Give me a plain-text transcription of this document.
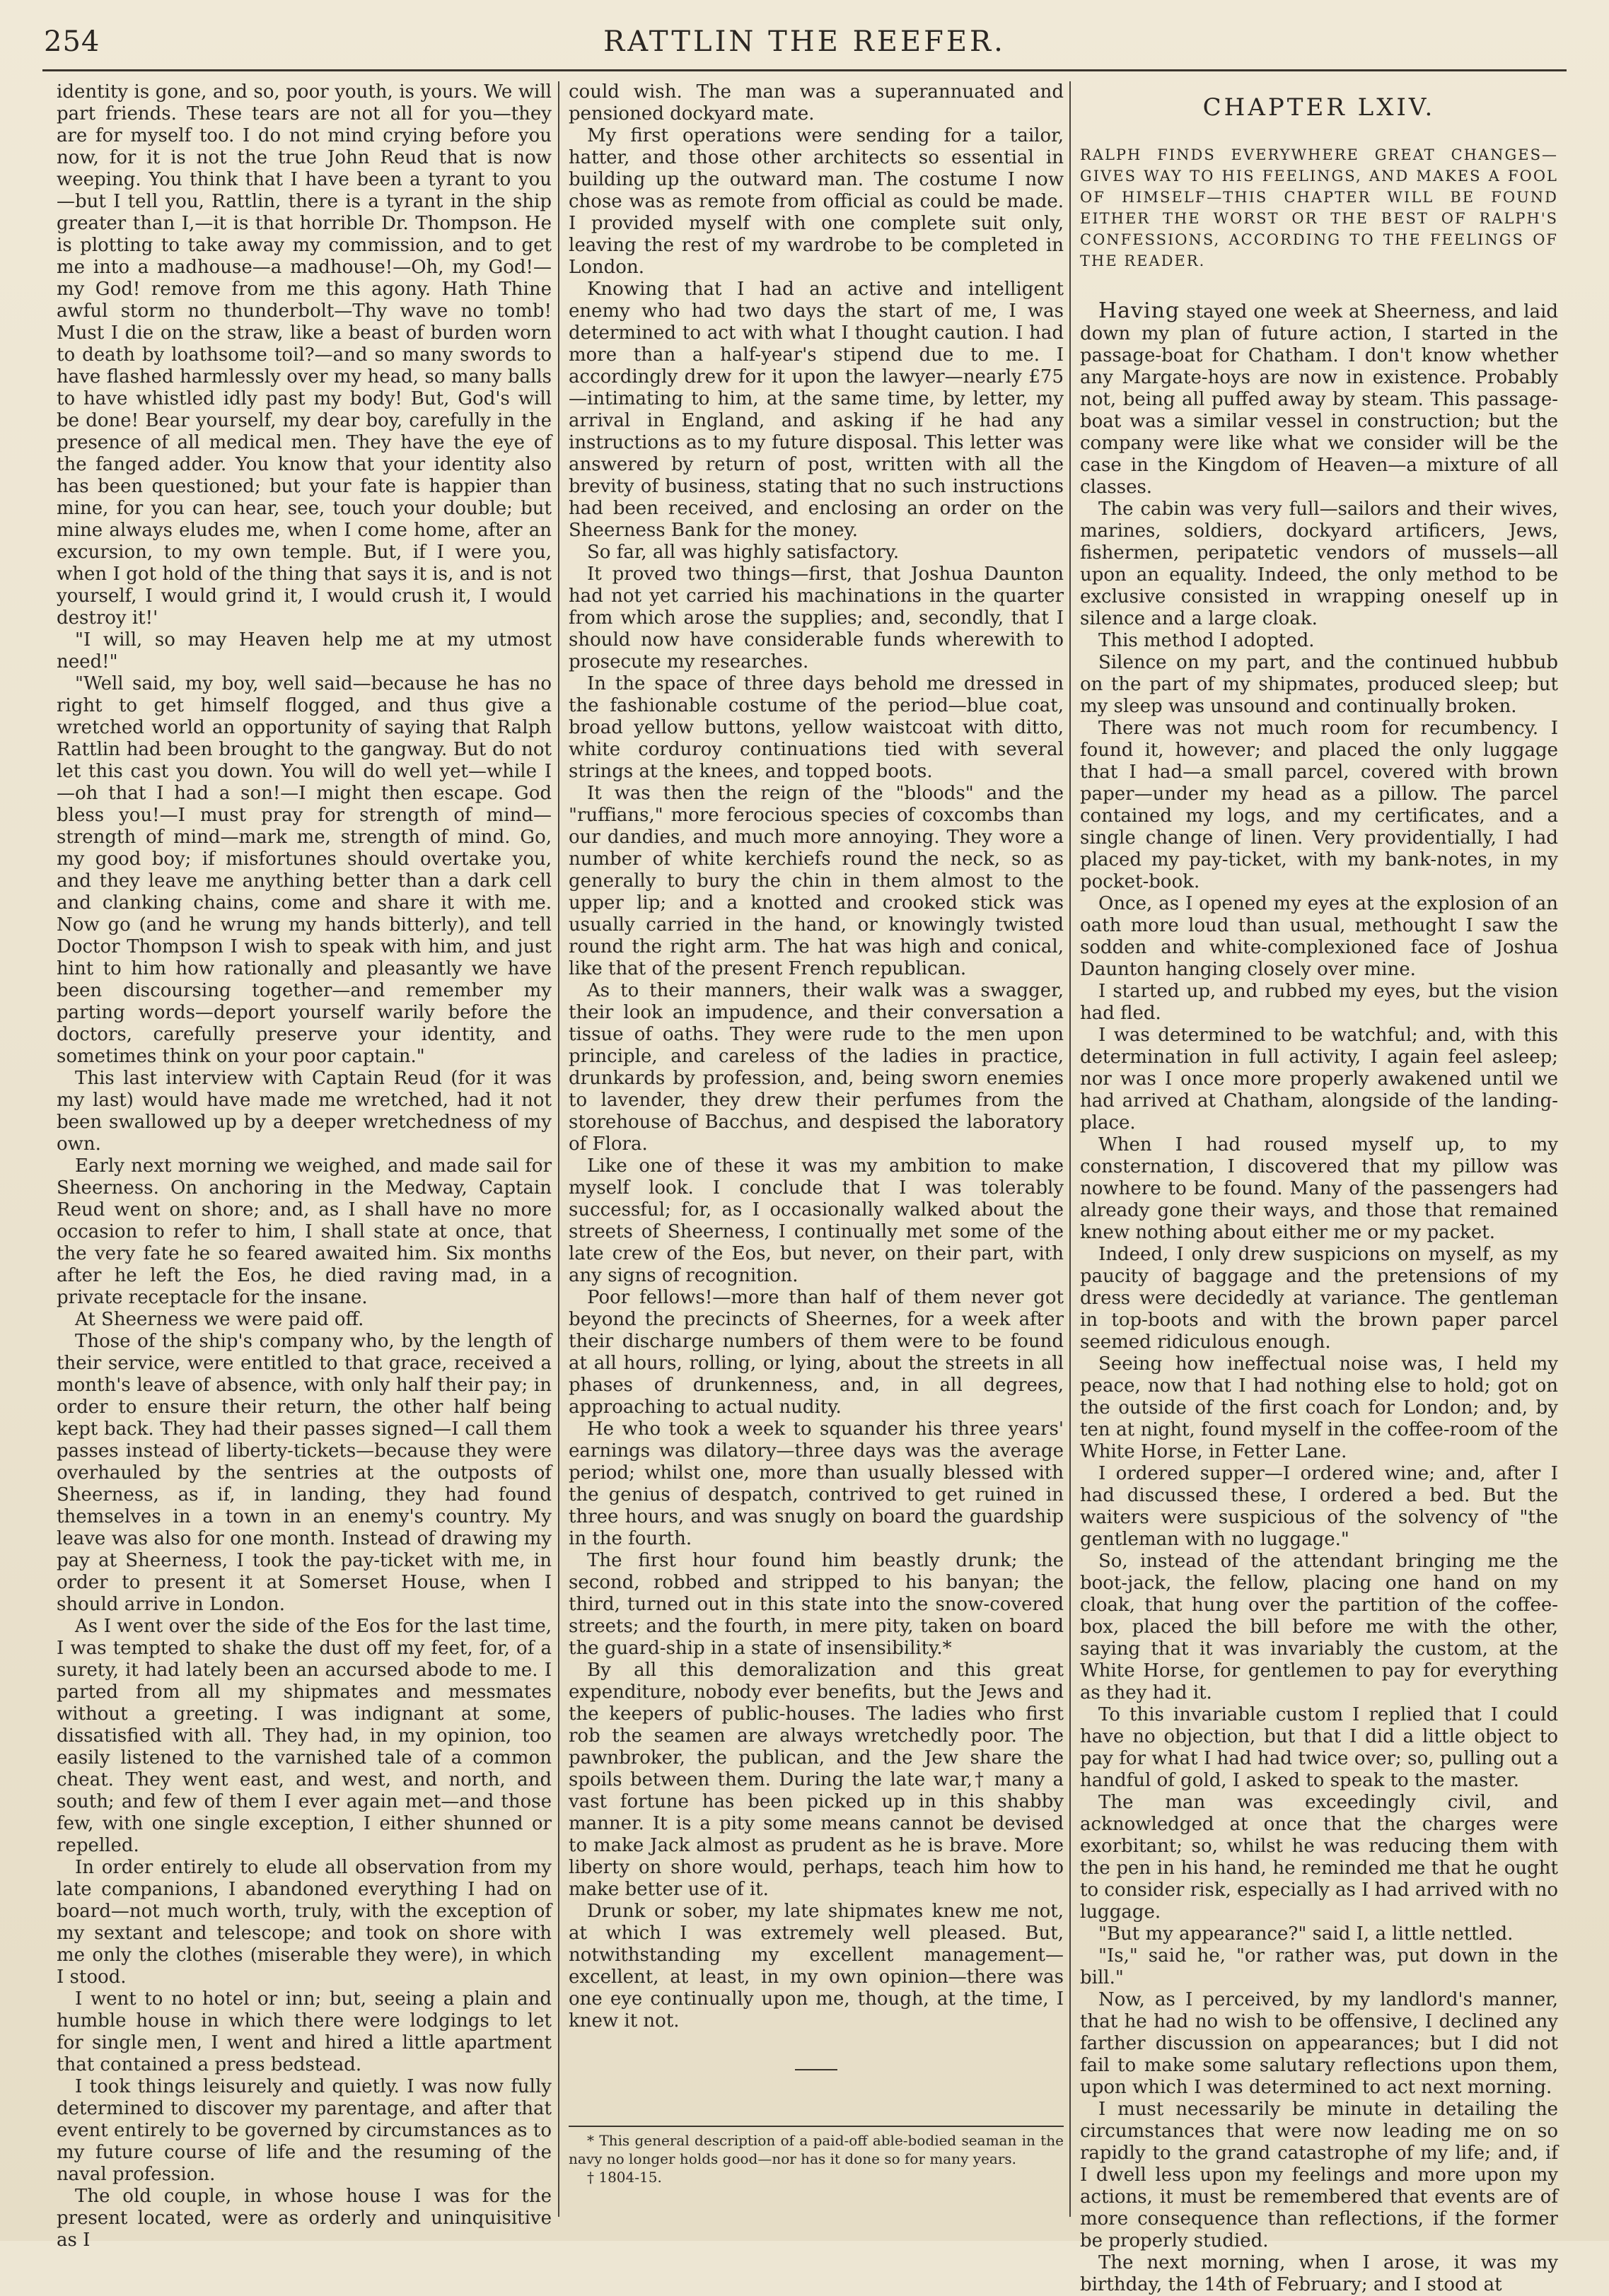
254	RATTLIN THE REEFER.

identity is gone, and so, poor youth, is yours. We will part friends. These tears are not all for you—they are for myself too. I do not mind crying before you now, for it is not the true John Reud that is now weeping. You think that I have been a tyrant to you—but I tell you, Rattlin, there is a tyrant in the ship greater than I,—it is that horrible Dr. Thompson. He is plotting to take away my commission, and to get me into a madhouse—a madhouse!—Oh, my God!—my God! remove from me this agony. Hath Thine awful storm no thunderbolt—Thy wave no tomb! Must I die on the straw, like a beast of burden worn to death by loathsome toil?—and so many swords to have flashed harmlessly over my head, so many balls to have whistled idly past my body! But, God's will be done! Bear yourself, my dear boy, carefully in the presence of all medical men. They have the eye of the fanged adder. You know that your identity also has been questioned; but your fate is happier than mine, for you can hear, see, touch your double; but mine always eludes me, when I come home, after an excursion, to my own temple. But, if I were you, when I got hold of the thing that says it is, and is not yourself, I would grind it, I would crush it, I would destroy it!'

"I will, so may Heaven help me at my utmost need!"

"Well said, my boy, well said—because he has no right to get himself flogged, and thus give a wretched world an opportunity of saying that Ralph Rattlin had been brought to the gangway. But do not let this cast you down. You will do well yet—while I—oh that I had a son!—I might then escape. God bless you!—I must pray for strength of mind—strength of mind—mark me, strength of mind. Go, my good boy; if misfortunes should overtake you, and they leave me anything better than a dark cell and clanking chains, come and share it with me. Now go (and he wrung my hands bitterly), and tell Doctor Thompson I wish to speak with him, and just hint to him how rationally and pleasantly we have been discoursing together—and remember my parting words—deport yourself warily before the doctors, carefully preserve your identity, and sometimes think on your poor captain."

This last interview with Captain Reud (for it was my last) would have made me wretched, had it not been swallowed up by a deeper wretchedness of my own.

Early next morning we weighed, and made sail for Sheerness. On anchoring in the Medway, Captain Reud went on shore; and, as I shall have no more occasion to refer to him, I shall state at once, that the very fate he so feared awaited him. Six months after he left the Eos, he died raving mad, in a private receptacle for the insane.

At Sheerness we were paid off.

Those of the ship's company who, by the length of their service, were entitled to that grace, received a month's leave of absence, with only half their pay; in order to ensure their return, the other half being kept back. They had their passes signed—I call them passes instead of liberty-tickets—because they were overhauled by the sentries at the outposts of Sheerness, as if, in landing, they had found themselves in a town in an enemy's country. My leave was also for one month. Instead of drawing my pay at Sheerness, I took the pay-ticket with me, in order to present it at Somerset House, when I should arrive in London.

As I went over the side of the Eos for the last time, I was tempted to shake the dust off my feet, for, of a surety, it had lately been an accursed abode to me. I parted from all my shipmates and messmates without a greeting. I was indignant at some, dissatisfied with all. They had, in my opinion, too easily listened to the varnished tale of a common cheat. They went east, and west, and north, and south; and few of them I ever again met—and those few, with one single exception, I either shunned or repelled.

In order entirely to elude all observation from my late companions, I abandoned everything I had on board—not much worth, truly, with the exception of my sextant and telescope; and took on shore with me only the clothes (miserable they were), in which I stood.

I went to no hotel or inn; but, seeing a plain and humble house in which there were lodgings to let for single men, I went and hired a little apartment that contained a press bedstead.

I took things leisurely and quietly. I was now fully determined to discover my parentage, and after that event entirely to be governed by circumstances as to my future course of life and the resuming of the naval profession.

The old couple, in whose house I was for the present located, were as orderly and uninquisitive as I

could wish. The man was a superannuated and pensioned dockyard mate.

My first operations were sending for a tailor, hatter, and those other architects so essential in building up the outward man. The costume I now chose was as remote from official as could be made. I provided myself with one complete suit only, leaving the rest of my wardrobe to be completed in London.

Knowing that I had an active and intelligent enemy who had two days the start of me, I was determined to act with what I thought caution. I had more than a half-year's stipend due to me. I accordingly drew for it upon the lawyer—nearly £75—intimating to him, at the same time, by letter, my arrival in England, and asking if he had any instructions as to my future disposal. This letter was answered by return of post, written with all the brevity of business, stating that no such instructions had been received, and enclosing an order on the Sheerness Bank for the money.

So far, all was highly satisfactory.

It proved two things—first, that Joshua Daunton had not yet carried his machinations in the quarter from which arose the supplies; and, secondly, that I should now have considerable funds wherewith to prosecute my researches.

In the space of three days behold me dressed in the fashionable costume of the period—blue coat, broad yellow buttons, yellow waistcoat with ditto, white corduroy continuations tied with several strings at the knees, and topped boots.

It was then the reign of the "bloods" and the "ruffians," more ferocious species of coxcombs than our dandies, and much more annoying. They wore a number of white kerchiefs round the neck, so as generally to bury the chin in them almost to the upper lip; and a knotted and crooked stick was usually carried in the hand, or knowingly twisted round the right arm. The hat was high and conical, like that of the present French republican.

As to their manners, their walk was a swagger, their look an impudence, and their conversation a tissue of oaths. They were rude to the men upon principle, and careless of the ladies in practice, drunkards by profession, and, being sworn enemies to lavender, they drew their perfumes from the storehouse of Bacchus, and despised the laboratory of Flora.

Like one of these it was my ambition to make myself look. I conclude that I was tolerably successful; for, as I occasionally walked about the streets of Sheerness, I continually met some of the late crew of the Eos, but never, on their part, with any signs of recognition.

Poor fellows!—more than half of them never got beyond the precincts of Sheernes, for a week after their discharge numbers of them were to be found at all hours, rolling, or lying, about the streets in all phases of drunkenness, and, in all degrees, approaching to actual nudity.

He who took a week to squander his three years' earnings was dilatory—three days was the average period; whilst one, more than usually blessed with the genius of despatch, contrived to get ruined in three hours, and was snugly on board the guardship in the fourth.

The first hour found him beastly drunk; the second, robbed and stripped to his banyan; the third, turned out in this state into the snow-covered streets; and the fourth, in mere pity, taken on board the guard-ship in a state of insensibility.*

By all this demoralization and this great expenditure, nobody ever benefits, but the Jews and the keepers of public-houses. The ladies who first rob the seamen are always wretchedly poor. The pawnbroker, the publican, and the Jew share the spoils between them. During the late war,† many a vast fortune has been picked up in this shabby manner. It is a pity some means cannot be devised to make Jack almost as prudent as he is brave. More liberty on shore would, perhaps, teach him how to make better use of it.

Drunk or sober, my late shipmates knew me not, at which I was extremely well pleased. But, notwithstanding my excellent management—excellent, at least, in my own opinion—there was one eye continually upon me, though, at the time, I knew it not.

* This general description of a paid-off able-bodied seaman in the navy no longer holds good—nor has it done so for many years.

† 1804-15.

CHAPTER LXIV.
RALPH FINDS EVERYWHERE GREAT CHANGES—GIVES WAY TO HIS FEELINGS, AND MAKES A FOOL OF HIMSELF—THIS CHAPTER WILL BE FOUND EITHER THE WORST OR THE BEST OF RALPH'S CONFESSIONS, ACCORDING TO THE FEELINGS OF THE READER.

Having stayed one week at Sheerness, and laid down my plan of future action, I started in the passage-boat for Chatham. I don't know whether any Margate-hoys are now in existence. Probably not, being all puffed away by steam. This passage-boat was a similar vessel in construction; but the company were like what we consider will be the case in the Kingdom of Heaven—a mixture of all classes.

The cabin was very full—sailors and their wives, marines, soldiers, dockyard artificers, Jews, fishermen, peripatetic vendors of mussels—all upon an equality. Indeed, the only method to be exclusive consisted in wrapping oneself up in silence and a large cloak.

This method I adopted.

Silence on my part, and the continued hubbub on the part of my shipmates, produced sleep; but my sleep was unsound and continually broken.

There was not much room for recumbency. I found it, however; and placed the only luggage that I had—a small parcel, covered with brown paper—under my head as a pillow. The parcel contained my logs, and my certificates, and a single change of linen. Very providentially, I had placed my pay-ticket, with my bank-notes, in my pocket-book.

Once, as I opened my eyes at the explosion of an oath more loud than usual, methought I saw the sodden and white-complexioned face of Joshua Daunton hanging closely over mine.

I started up, and rubbed my eyes, but the vision had fled.

I was determined to be watchful; and, with this determination in full activity, I again feel asleep; nor was I once more properly awakened until we had arrived at Chatham, alongside of the landing-place.

When I had roused myself up, to my consternation, I discovered that my pillow was nowhere to be found. Many of the passengers had already gone their ways, and those that remained knew nothing about either me or my packet.

Indeed, I only drew suspicions on myself, as my paucity of baggage and the pretensions of my dress were decidedly at variance. The gentleman in top-boots and with the brown paper parcel seemed ridiculous enough.

Seeing how ineffectual noise was, I held my peace, now that I had nothing else to hold; got on the outside of the first coach for London; and, by ten at night, found myself in the coffee-room of the White Horse, in Fetter Lane.

I ordered supper—I ordered wine; and, after I had discussed these, I ordered a bed. But the waiters were suspicious of the solvency of "the gentleman with no luggage."

So, instead of the attendant bringing me the boot-jack, the fellow, placing one hand on my cloak, that hung over the partition of the coffee-box, placed the bill before me with the other, saying that it was invariably the custom, at the White Horse, for gentlemen to pay for everything as they had it.

To this invariable custom I replied that I could have no objection, but that I did a little object to pay for what I had had twice over; so, pulling out a handful of gold, I asked to speak to the master.

The man was exceedingly civil, and acknowledged at once that the charges were exorbitant; so, whilst he was reducing them with the pen in his hand, he reminded me that he ought to consider risk, especially as I had arrived with no luggage.

"But my appearance?" said I, a little nettled.

"Is," said he, "or rather was, put down in the bill."

Now, as I perceived, by my landlord's manner, that he had no wish to be offensive, I declined any farther discussion on appearances; but I did not fail to make some salutary reflections upon them, upon which I was determined to act next morning.

I must necessarily be minute in detailing the circumstances that were now leading me on so rapidly to the grand catastrophe of my life; and, if I dwell less upon my feelings and more upon my actions, it must be remembered that events are of more consequence than reflections, if the former be properly studied.

The next morning, when I arose, it was my birthday, the 14th of February; and I stood at
